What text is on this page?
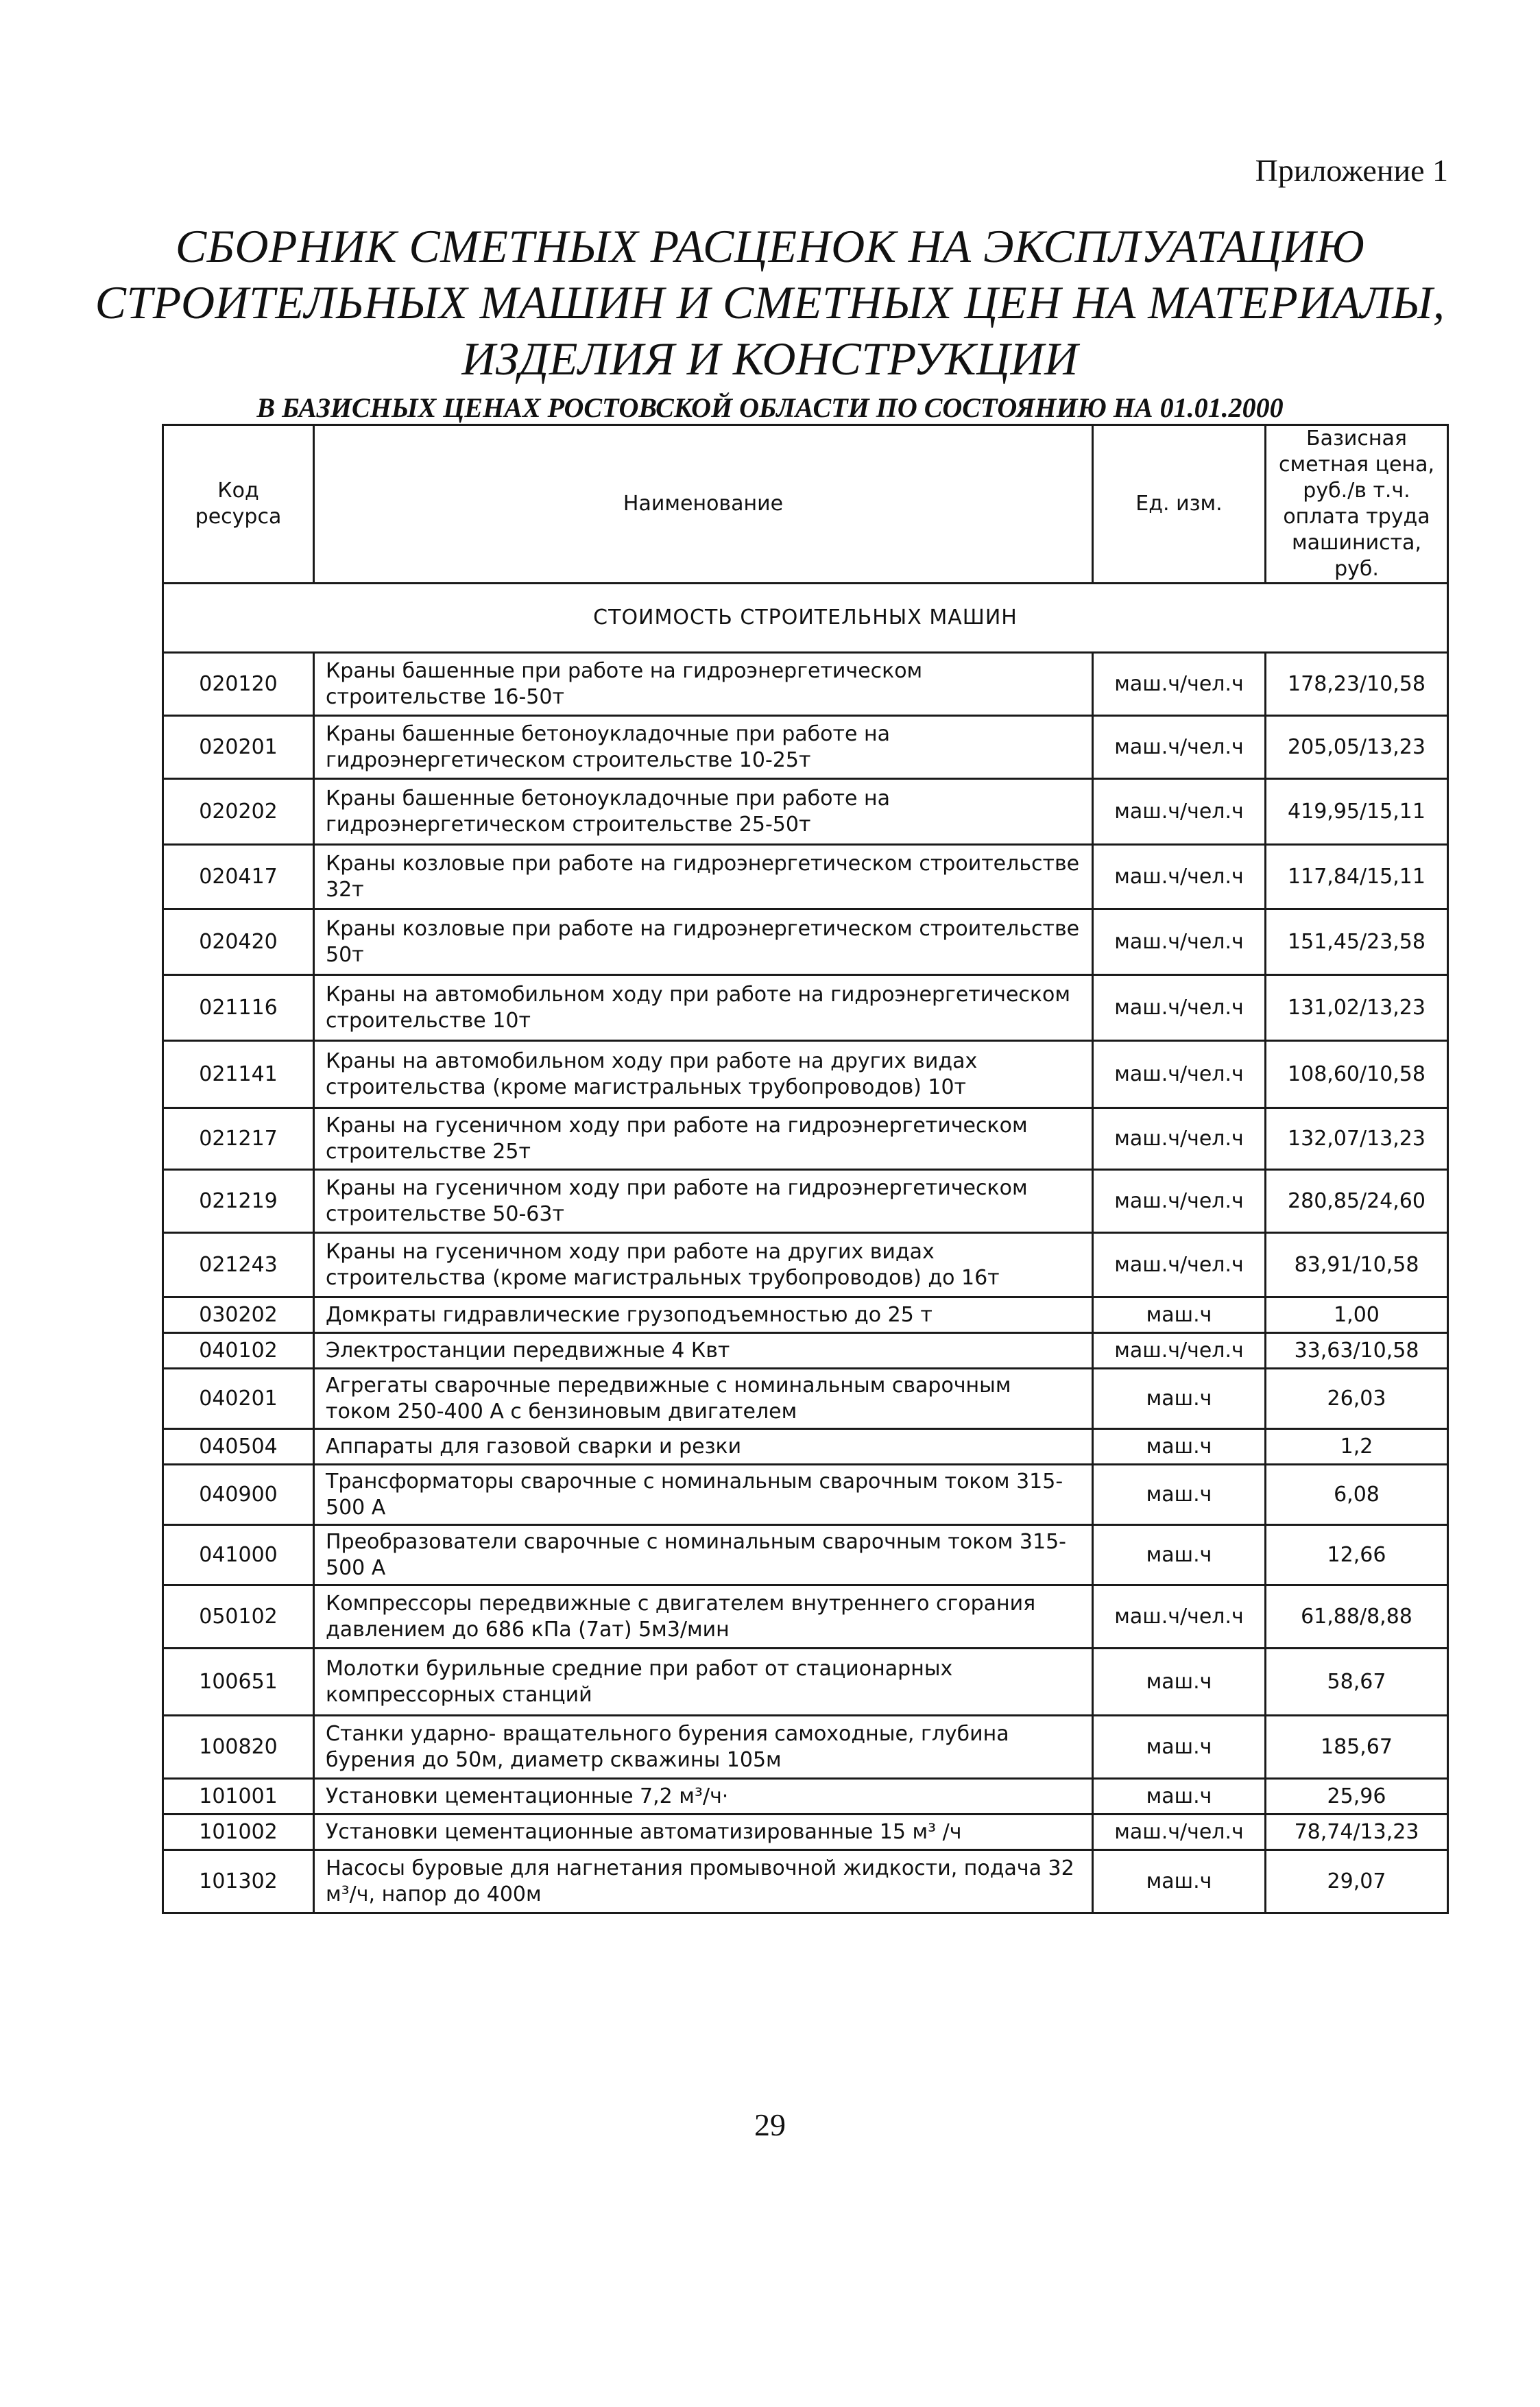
Приложение 1
СБОРНИК СМЕТНЫХ РАСЦЕНОК НА ЭКСПЛУАТАЦИЮ
СТРОИТЕЛЬНЫХ МАШИН И СМЕТНЫХ ЦЕН НА МАТЕРИАЛЫ,
ИЗДЕЛИЯ И КОНСТРУКЦИИ
В БАЗИСНЫХ ЦЕНАХ РОСТОВСКОЙ ОБЛАСТИ ПО СОСТОЯНИЮ НА 01.01.2000
Код ресурса	Наименование	Ед. изм.	Базисная сметная цена, руб./в т.ч. оплата труда машиниста, руб.
СТОИМОСТЬ СТРОИТЕЛЬНЫХ МАШИН			
020120	Краны башенные при работе на гидроэнергетическом строительстве 16-50т	маш.ч/чел.ч	178,23/10,58
020201	Краны башенные бетоноукладочные при работе на гидроэнергетическом строительстве 10-25т	маш.ч/чел.ч	205,05/13,23
020202	Краны башенные бетоноукладочные при работе на гидроэнергетическом строительстве 25-50т	маш.ч/чел.ч	419,95/15,11
020417	Краны козловые при работе на гидроэнергетическом строительстве 32т	маш.ч/чел.ч	117,84/15,11
020420	Краны козловые при работе на гидроэнергетическом строительстве 50т	маш.ч/чел.ч	151,45/23,58
021116	Краны на автомобильном ходу при работе на гидроэнергетическом строительстве 10т	маш.ч/чел.ч	131,02/13,23
021141	Краны на автомобильном ходу при работе на других видах строительства (кроме магистральных трубопроводов) 10т	маш.ч/чел.ч	108,60/10,58
021217	Краны на гусеничном ходу при работе на гидроэнергетическом строительстве 25т	маш.ч/чел.ч	132,07/13,23
021219	Краны на гусеничном ходу при работе на гидроэнергетическом строительстве 50-63т	маш.ч/чел.ч	280,85/24,60
021243	Краны на гусеничном ходу при работе на других видах строительства (кроме магистральных трубопроводов) до 16т	маш.ч/чел.ч	83,91/10,58
030202	Домкраты гидравлические грузоподъемностью до 25 т	маш.ч	1,00
040102	Электростанции передвижные 4 Квт	маш.ч/чел.ч	33,63/10,58
040201	Агрегаты сварочные передвижные с номинальным сварочным током 250-400 А с бензиновым двигателем	маш.ч	26,03
040504	Аппараты для газовой сварки и резки	маш.ч	1,2
040900	Трансформаторы сварочные с номинальным сварочным током 315-500 А	маш.ч	6,08
041000	Преобразователи сварочные с номинальным сварочным током 315-500 А	маш.ч	12,66
050102	Компрессоры передвижные с двигателем внутреннего сгорания давлением до 686 кПа (7ат) 5м3/мин	маш.ч/чел.ч	61,88/8,88
100651	Молотки бурильные средние при работ от стационарных компрессорных станций	маш.ч	58,67
100820	Станки ударно- вращательного бурения самоходные, глубина бурения до 50м, диаметр скважины 105м	маш.ч	185,67
101001	Установки цементационные 7,2 м³/ч·	маш.ч	25,96
101002	Установки цементационные автоматизированные 15 м³ /ч	маш.ч/чел.ч	78,74/13,23
101302	Насосы буровые для нагнетания промывочной жидкости, подача 32 м³/ч, напор до 400м	маш.ч	29,07
29
